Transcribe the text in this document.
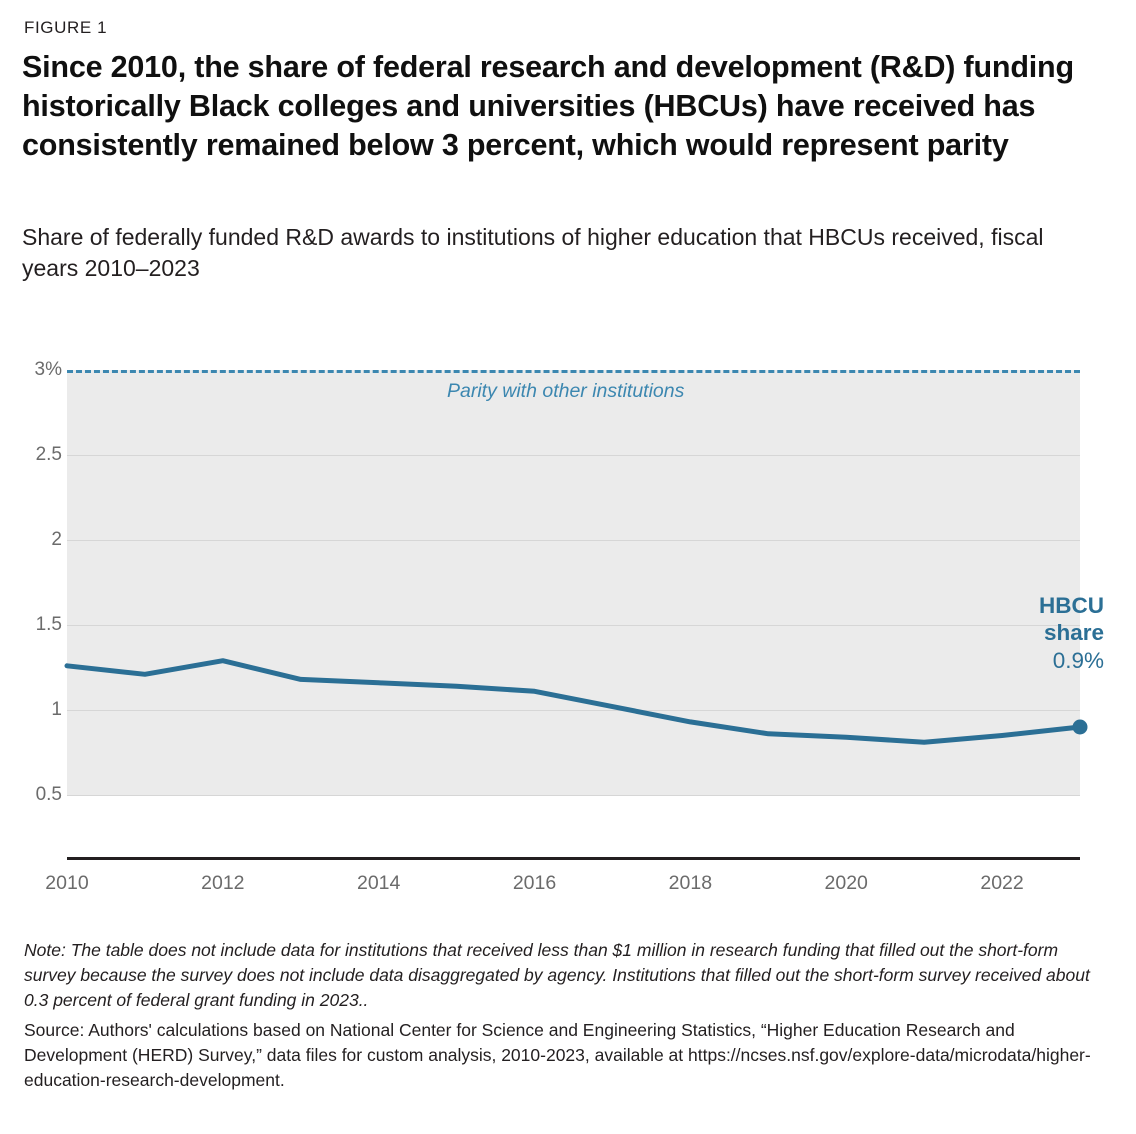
FIGURE 1
Since 2010, the share of federal research and development (R&D) funding historically Black colleges and universities (HBCUs) have received has consistently remained below 3 percent, which would represent parity
Share of federally funded R&D awards to institutions of higher education that HBCUs received, fiscal years 2010–2023
0.5
1
1.5
2
2.5
3%
Parity with other institutions
2010	2012	2014	2016	2018	2020	2022
HBCU
share
0.9%
Note: The table does not include data for institutions that received less than $1 million in research funding that filled out the short-form survey because the survey does not include data disaggregated by agency. Institutions that filled out the short-form survey received about 0.3 percent of federal grant funding in 2023..
Source: Authors' calculations based on National Center for Science and Engineering Statistics, “Higher Education Research and Development (HERD) Survey,” data files for custom analysis, 2010-2023, available at https://ncses.nsf.gov/explore-data/microdata/higher-education-research-development.
